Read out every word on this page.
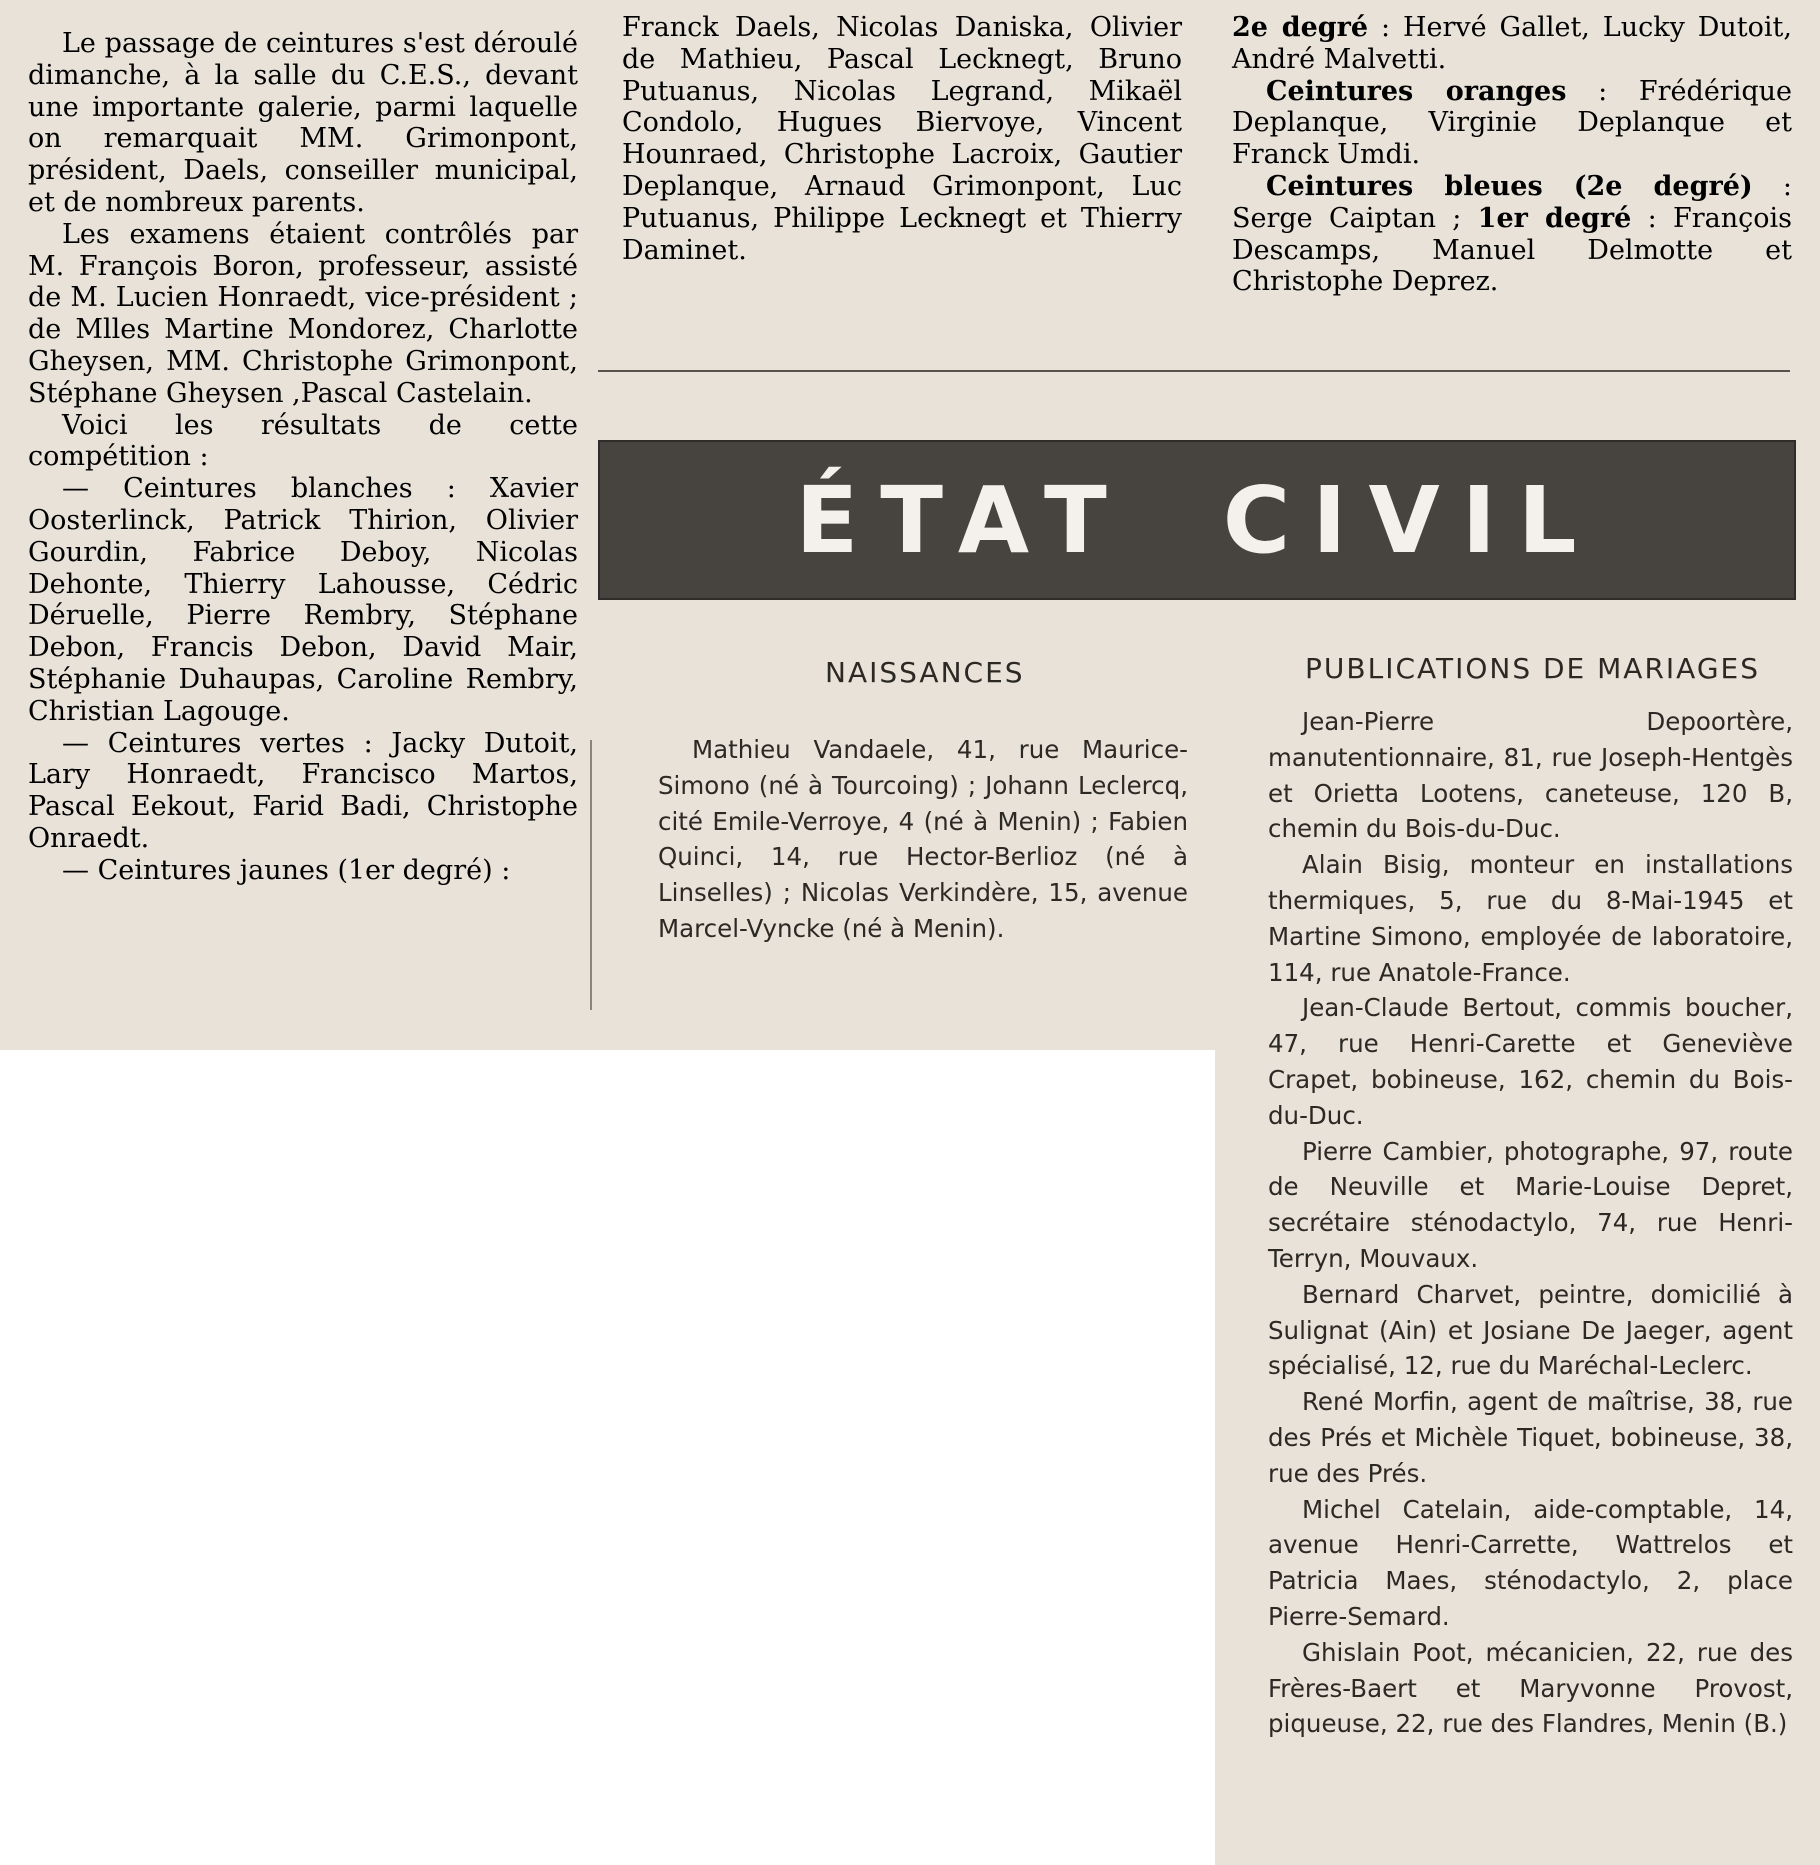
Le passage de ceintures s'est déroulé dimanche, à la salle du C.E.S., devant une importante galerie, parmi laquelle on remarquait MM. Grimonpont, président, Daels, conseiller municipal, et de nombreux parents.

Les examens étaient contrôlés par M. François Boron, professeur, assisté de M. Lucien Honraedt, vice-président ; de Mlles Martine Mondorez, Charlotte Gheysen, MM. Christophe Grimonpont, Stéphane Gheysen ,Pascal Castelain.

Voici les résultats de cette compétition :

— Ceintures blanches : Xavier Oosterlinck, Patrick Thirion, Olivier Gourdin, Fabrice Deboy, Nicolas Dehonte, Thierry Lahousse, Cédric Déruelle, Pierre Rembry, Stéphane Debon, Francis Debon, David Mair, Stéphanie Duhaupas, Caroline Rembry, Christian Lagouge.

— Ceintures vertes : Jacky Dutoit, Lary Honraedt, Francisco Martos, Pascal Eekout, Farid Badi, Christophe Onraedt.

— Ceintures jaunes (1er degré) :

Franck Daels, Nicolas Daniska, Olivier de Mathieu, Pascal Lecknegt, Bruno Putuanus, Nicolas Legrand, Mikaël Condolo, Hugues Biervoye, Vincent Hounraed, Christophe Lacroix, Gautier Deplanque, Arnaud Grimonpont, Luc Putuanus, Philippe Lecknegt et Thierry Daminet.

2e degré : Hervé Gallet, Lucky Dutoit, André Malvetti.

Ceintures oranges : Frédérique Deplanque, Virginie Deplanque et Franck Umdi.

Ceintures bleues (2e degré) : Serge Caiptan ; 1er degré : François Descamps, Manuel Delmotte et Christophe Deprez.

ÉTAT CIVIL
NAISSANCES	PUBLICATIONS DE MARIAGES

Mathieu Vandaele, 41, rue Maurice-Simono (né à Tourcoing) ; Johann Leclercq, cité Emile-Verroye, 4 (né à Menin) ; Fabien Quinci, 14, rue Hector-Berlioz (né à Linselles) ; Nicolas Verkindère, 15, avenue Marcel-Vyncke (né à Menin).

Jean-Pierre Depoortère, manutentionnaire, 81, rue Joseph-Hentgès et Orietta Lootens, caneteuse, 120 B, chemin du Bois-du-Duc.

Alain Bisig, monteur en installations thermiques, 5, rue du 8-Mai-1945 et Martine Simono, employée de laboratoire, 114, rue Anatole-France.

Jean-Claude Bertout, commis boucher, 47, rue Henri-Carette et Geneviève Crapet, bobineuse, 162, chemin du Bois-du-Duc.

Pierre Cambier, photographe, 97, route de Neuville et Marie-Louise Depret, secrétaire sténodactylo, 74, rue Henri-Terryn, Mouvaux.

Bernard Charvet, peintre, domicilié à Sulignat (Ain) et Josiane De Jaeger, agent spécialisé, 12, rue du Maréchal-Leclerc.

René Morfin, agent de maîtrise, 38, rue des Prés et Michèle Tiquet, bobineuse, 38, rue des Prés.

Michel Catelain, aide-comptable, 14, avenue Henri-Carrette, Wattrelos et Patricia Maes, sténodactylo, 2, place Pierre-Semard.

Ghislain Poot, mécanicien, 22, rue des Frères-Baert et Maryvonne Provost, piqueuse, 22, rue des Flandres, Menin (B.)
